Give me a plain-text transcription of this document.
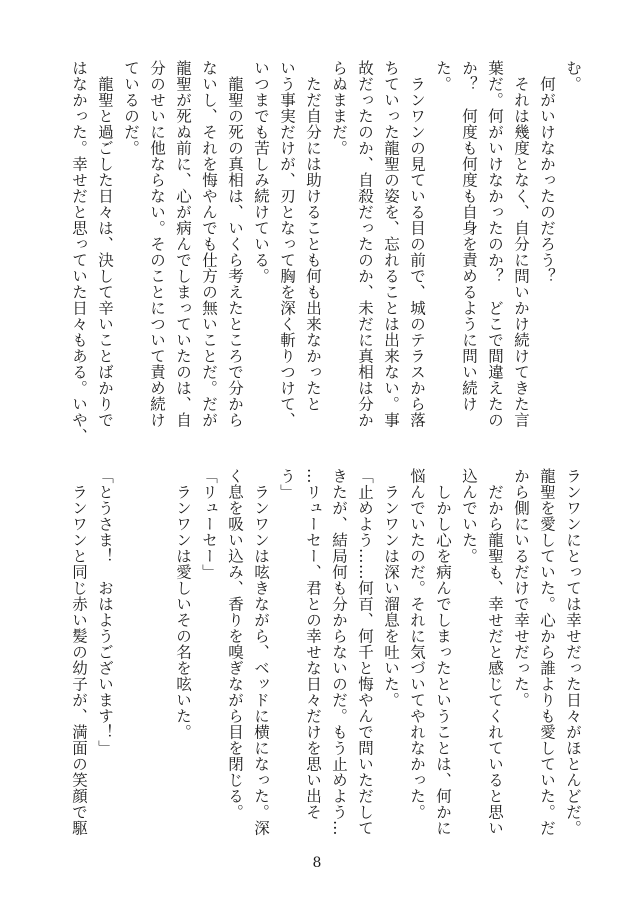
む。
　何がいけなかったのだろう？
　それは幾度となく、自分に問いかけ続けてきた言
葉だ。何がいけなかったのか？　どこで間違えたの
か？　何度も何度も自身を責めるように問い続け
た。
　ランワンの見ている目の前で、城のテラスから落
ちていった龍聖の姿を、忘れることは出来ない。事
故だったのか、自殺だったのか、未だに真相は分か
らぬままだ。
　ただ自分には助けることも何も出来なかったと
いう事実だけが、刃となって胸を深く斬りつけて、
いつまでも苦しみ続けている。
　龍聖の死の真相は、いくら考えたところで分から
ないし、それを悔やんでも仕方の無いことだ。だが
龍聖が死ぬ前に、心が病んでしまっていたのは、自
分のせいに他ならない。そのことについて責め続け
ているのだ。
　龍聖と過ごした日々は、決して辛いことばかりで
はなかった。幸せだと思っていた日々もある。いや、
ランワンにとっては幸せだった日々がほとんどだ。
龍聖を愛していた。心から誰よりも愛していた。だ
から側にいるだけで幸せだった。
　だから龍聖も、幸せだと感じてくれていると思い
込んでいた。
　しかし心を病んでしまったということは、何かに
悩んでいたのだ。それに気づいてやれなかった。
　ランワンは深い溜息を吐いた。
「止めよう……何百、何千と悔やんで問いただして
きたが、結局何も分からないのだ。もう止めよう…
…リューセー、君との幸せな日々だけを思い出そ
う」
　ランワンは呟きながら、ベッドに横になった。深
く息を吸い込み、香りを嗅ぎながら目を閉じる。
「リューセー」
　ランワンは愛しいその名を呟いた。

「とうさま！　おはようございます！」
　ランワンと同じ赤い髪の幼子が、満面の笑顔で駆
8
